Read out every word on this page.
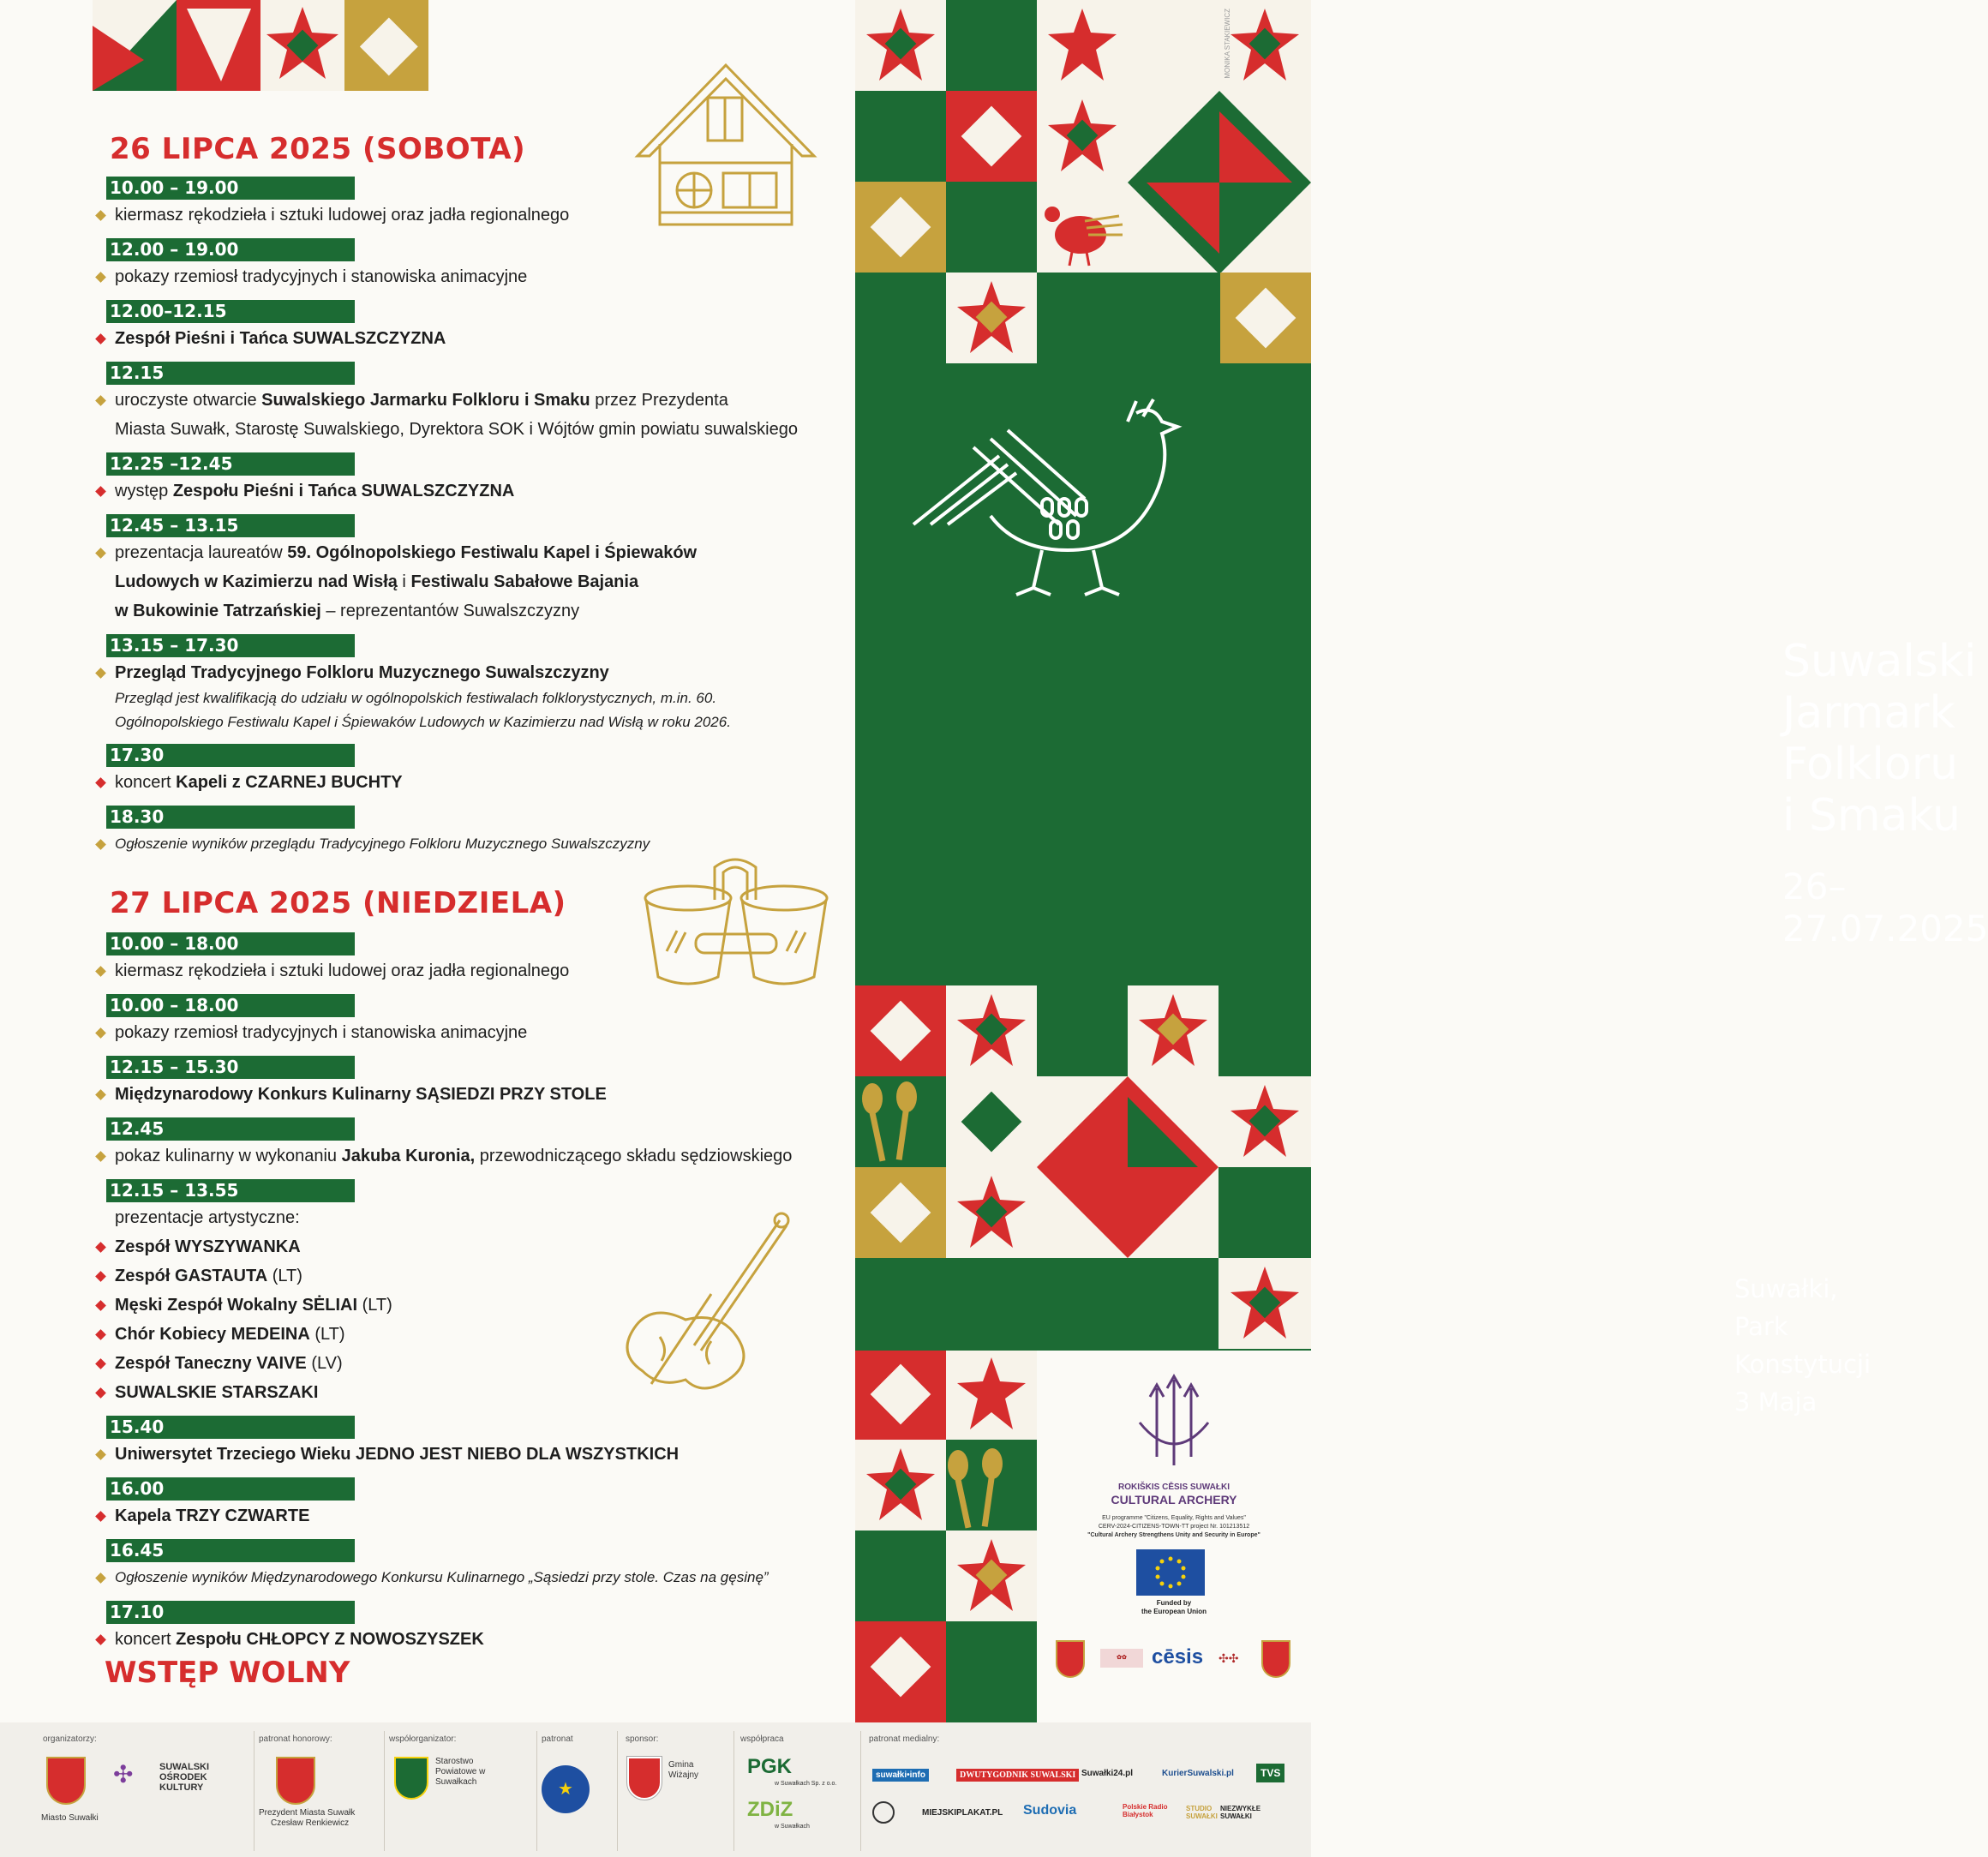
26 LIPCA 2025 (SOBOTA)
10.00 – 19.00
kiermasz rękodzieła i sztuki ludowej oraz jadła regionalnego
12.00 – 19.00
pokazy rzemiosł tradycyjnych i stanowiska animacyjne
12.00–12.15
Zespół Pieśni i Tańca SUWALSZCZYZNA
12.15
uroczyste otwarcie Suwalskiego Jarmarku Folkloru i Smaku przez Prezydenta
Miasta Suwałk, Starostę Suwalskiego, Dyrektora SOK i Wójtów gmin powiatu suwalskiego
12.25 –12.45
występ Zespołu Pieśni i Tańca SUWALSZCZYZNA
12.45 – 13.15
prezentacja laureatów 59. Ogólnopolskiego Festiwalu Kapel i Śpiewaków
Ludowych w Kazimierzu nad Wisłą i Festiwalu Sabałowe Bajania
w Bukowinie Tatrzańskiej – reprezentantów Suwalszczyzny
13.15 – 17.30
Przegląd Tradycyjnego Folkloru Muzycznego Suwalszczyzny
Przegląd jest kwalifikacją do udziału w ogólnopolskich festiwalach folklorystycznych, m.in. 60.
Ogólnopolskiego Festiwalu Kapel i Śpiewaków Ludowych w Kazimierzu nad Wisłą w roku 2026.
17.30
koncert Kapeli z CZARNEJ BUCHTY
18.30
Ogłoszenie wyników przeglądu Tradycyjnego Folkloru Muzycznego Suwalszczyzny
27 LIPCA 2025 (NIEDZIELA)
10.00 – 18.00
kiermasz rękodzieła i sztuki ludowej oraz jadła regionalnego
10.00 – 18.00
pokazy rzemiosł tradycyjnych i stanowiska animacyjne
12.15 – 15.30
Międzynarodowy Konkurs Kulinarny SĄSIEDZI PRZY STOLE
12.45
pokaz kulinarny w wykonaniu Jakuba Kuronia, przewodniczącego składu sędziowskiego
12.15 – 13.55
prezentacje artystyczne:
Zespół WYSZYWANKA
Zespół GASTAUTA (LT)
Męski Zespół Wokalny SĖLIAI (LT)
Chór Kobiecy MEDEINA (LT)
Zespół Taneczny VAIVE (LV)
SUWALSKIE STARSZAKI
15.40
Uniwersytet Trzeciego Wieku JEDNO JEST NIEBO DLA WSZYSTKICH
16.00
Kapela TRZY CZWARTE
16.45
Ogłoszenie wyników Międzynarodowego Konkursu Kulinarnego „Sąsiedzi przy stole. Czas na gęsinę”
17.10
koncert Zespołu CHŁOPCY Z NOWOSZYSZEK
WSTĘP WOLNY
Suwalski
Jarmark
Folkloru
i Smaku
26–27.07.2025
Suwałki,
Park Konstytucji 3 Maja
ROKIŠKIS CĒSIS SUWAŁKI
CULTURAL ARCHERY
EU programme "Citizens, Equality, Rights and Values"
CERV-2024-CITIZENS-TOWN-TT project Nr. 101213512
"Cultural Archery Strengthens Unity and Security in Europe"
Funded by
the European Union
✿✿	cēsis ✣✣
MONIKA STAKIEWICZ
organizatorzy:
Miasto Suwałki
✣	SUWALSKI OŚRODEK KULTURY
patronat honorowy:
Prezydent Miasta Suwałk
Czesław Renkiewicz
współorganizator:
Starostwo Powiatowe w Suwałkach
patronat
★
sponsor:
Gmina Wiżajny
współpraca
PGK
w Suwałkach Sp. z o.o.
ZDiZ
w Suwałkach
patronat medialny:
suwałki•info	DWUTYGODNIK SUWALSKI Suwałki24.pl	KurierSuwalski.pl	TVS
MIEJSKIPLAKAT.PL Sudovia	Polskie Radio Białystok
STUDIO SUWAŁKI
NIEZWYKŁE SUWAŁKI
